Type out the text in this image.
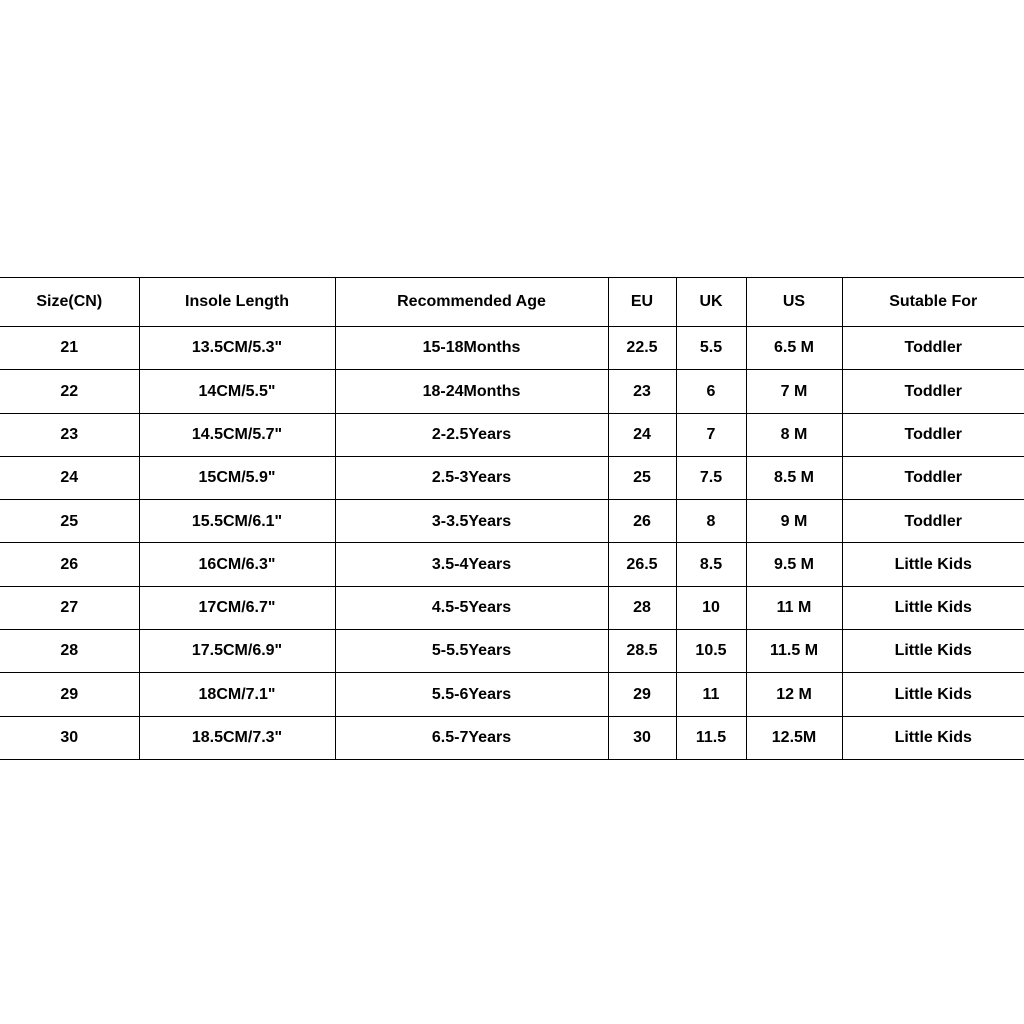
Size(CN)	Insole Length	Recommended Age	EU	UK	US	Sutable For
21	13.5CM/5.3"	15-18Months	22.5	5.5	6.5 M	Toddler
22	14CM/5.5"	18-24Months	23	6	7 M	Toddler
23	14.5CM/5.7"	2-2.5Years	24	7	8 M	Toddler
24	15CM/5.9"	2.5-3Years	25	7.5	8.5 M	Toddler
25	15.5CM/6.1"	3-3.5Years	26	8	9 M	Toddler
26	16CM/6.3"	3.5-4Years	26.5	8.5	9.5 M	Little Kids
27	17CM/6.7"	4.5-5Years	28	10	11 M	Little Kids
28	17.5CM/6.9"	5-5.5Years	28.5	10.5	11.5 M	Little Kids
29	18CM/7.1"	5.5-6Years	29	11	12 M	Little Kids
30	18.5CM/7.3"	6.5-7Years	30	11.5	12.5M	Little Kids
